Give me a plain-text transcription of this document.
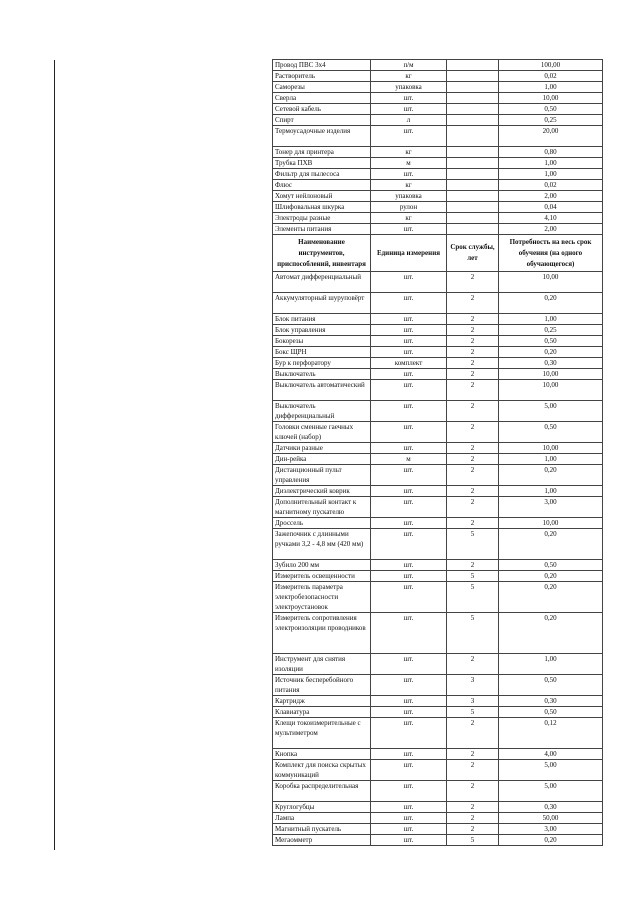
Провод ПВС 3х4	п/м		100,00
Растворитель	кг		0,02
Саморезы	упаковка		1,00
Сверла	шт.		10,00
Сетевой кабель	шт.		0,50
Спирт	л		0,25
Термоусадочные изделия	шт.		20,00
Тонер для принтера	кг		0,80
Трубка ПХВ	м		1,00
Фильтр для пылесоса	шт.		1,00
Флюс	кг		0,02
Хомут нейлоновый	упаковка		2,00
Шлифовальная шкурка	рулон		0,04
Электроды разные	кг		4,10
Элементы питания	шт.		2,00
Наименование инструментов, приспособлений, инвентаря	Единица измерения	Срок службы, лет	Потребность на весь срок обучения (на одного обучающегося)
Автомат дифференциальный	шт.	2	10,00
Аккумуляторный шуруповёрт	шт.	2	0,20
Блок питания	шт.	2	1,00
Блок управления	шт.	2	0,25
Бокорезы	шт.	2	0,50
Бокс ЩРН	шт.	2	0,20
Бур к перфоратору	комплект	2	0,30
Выключатель	шт.	2	10,00
Выключатель автоматический	шт.	2	10,00
Выключатель дифференциальный	шт.	2	5,00
Головки сменные гаечных ключей (набор)	шт.	2	0,50
Датчики разные	шт.	2	10,00
Дин-рейка	м	2	1,00
Дистанционный пульт управления	шт.	2	0,20
Диэлектрический коврик	шт.	2	1,00
Дополнительный контакт к магнитному пускателю	шт.	2	3,00
Дроссель	шт.	2	10,00
Зажепочник с длинными ручками 3,2 - 4,8 мм (420 мм)	шт.	5	0,20
Зубило 200 мм	шт.	2	0,50
Измеритель освещенности	шт.	5	0,20
Измеритель параметра электробезопасности электроустановок	шт.	5	0,20
Измеритель сопротивления электроизоляции проводников	шт.	5	0,20
Инструмент для снятия изоляции	шт.	2	1,00
Источник бесперебойного питания	шт.	3	0,50
Картридж	шт.	3	0,30
Клавиатура	шт.	5	0,50
Клещи токоизмерительные с мультиметром	шт.	2	0,12
Кнопка	шт.	2	4,00
Комплект для поиска скрытых коммуникаций	шт.	2	5,00
Коробка распределительная	шт.	2	5,00
Круглогубцы	шт.	2	0,30
Лампа	шт.	2	50,00
Магнитный пускатель	шт.	2	3,00
Мегаомметр	шт.	5	0,20
